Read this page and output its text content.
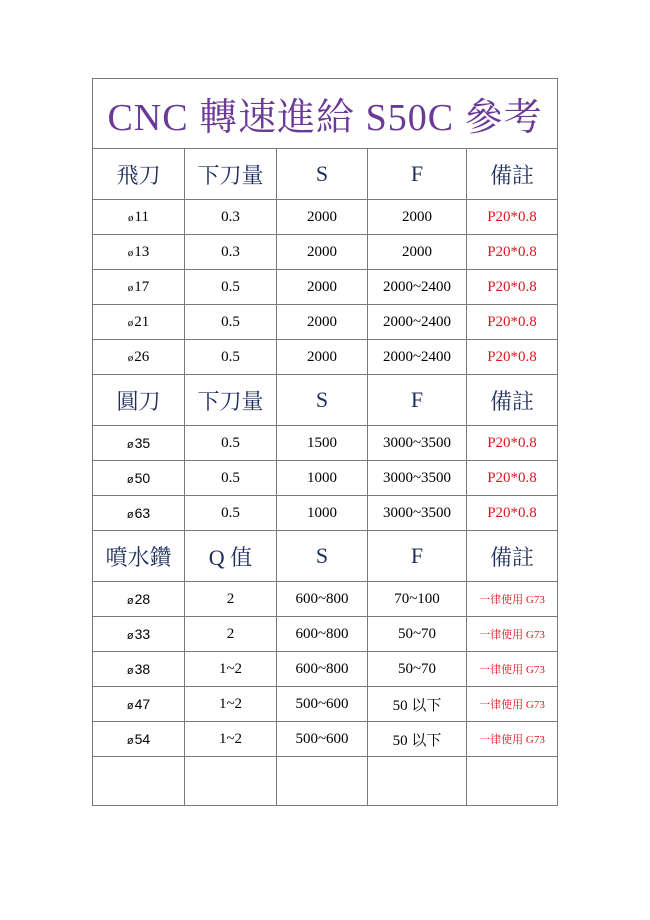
CNC 轉速進給 S50C 參考				
飛刀	下刀量	S	F	備註
ø11	0.3	2000	2000	P20*0.8
ø13	0.3	2000	2000	P20*0.8
ø17	0.5	2000	2000~2400	P20*0.8
ø21	0.5	2000	2000~2400	P20*0.8
ø26	0.5	2000	2000~2400	P20*0.8
圓刀	下刀量	S	F	備註
ø35	0.5	1500	3000~3500	P20*0.8
ø50	0.5	1000	3000~3500	P20*0.8
ø63	0.5	1000	3000~3500	P20*0.8
噴水鑽	Q 值	S	F	備註
ø28	2	600~800	70~100	一律使用 G73
ø33	2	600~800	50~70	一律使用 G73
ø38	1~2	600~800	50~70	一律使用 G73
ø47	1~2	500~600	50 以下	一律使用 G73
ø54	1~2	500~600	50 以下	一律使用 G73
